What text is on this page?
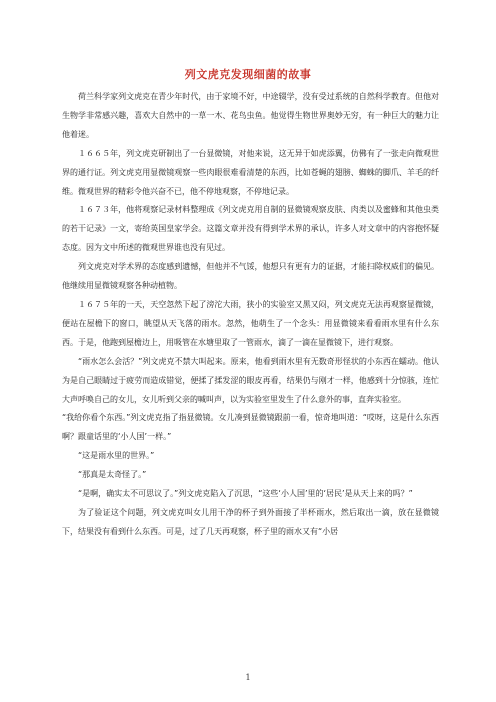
列文虎克发现细菌的故事

荷兰科学家列文虎克在青少年时代，由于家境不好，中途辍学，没有受过系统的自然科学教育。但他对生物学非常感兴趣，喜欢大自然中的一草一木、花鸟虫鱼。他觉得生物世界奥妙无穷，有一种巨大的魅力让他着迷。

１６６５年，列文虎克研制出了一台显微镜，对他来说，这无异于如虎添翼，仿佛有了一张走向微观世界的通行证。列文虎克用显微镜观察一些肉眼很难看清楚的东西，比如苍蝇的翅膀、蜘蛛的脚爪、羊毛的纤维。微观世界的精彩令他兴奋不已，他不停地观察，不停地记录。

１６７３年，他将观察记录材料整理成《列文虎克用自制的显微镜观察皮肤、肉类以及蜜蜂和其他虫类的若干记录》一文，寄给英国皇家学会。这篇文章并没有得到学术界的承认，许多人对文章中的内容抱怀疑态度。因为文中所述的微观世界谁也没有见过。

列文虎克对学术界的态度感到遗憾，但他并不气馁，他想只有更有力的证据，才能扫除权威们的偏见。他继续用显微镜观察各种动植物。

１６７５年的一天，天空忽然下起了滂沱大雨，狭小的实验室又黑又闷，列文虎克无法再观察显微镜，便站在屋檐下的窗口，眺望从天飞落的雨水。忽然，他萌生了一个念头：用显微镜来看看雨水里有什么东西。于是，他跑到屋檐边上，用吸管在水塘里取了一管雨水，滴了一滴在显微镜下，进行观察。

“雨水怎么会活？”列文虎克不禁大叫起来。原来，他看到雨水里有无数奇形怪状的小东西在蠕动。他认为是自己眼睛过于疲劳而造成错觉，便揉了揉发涩的眼皮再看，结果仍与刚才一样，他感到十分惊骇，连忙大声呼唤自己的女儿，女儿听到父亲的喊叫声，以为实验室里发生了什么意外的事，直奔实验室。

“我给你看个东西。”列文虎克指了指显微镜。女儿凑到显微镜跟前一看，惊奇地叫道：“哎呀，这是什么东西啊？跟童话里的‘小人国’一样。”

“这是雨水里的世界。”

“那真是太奇怪了。”

“是啊，确实太不可思议了。”列文虎克陷入了沉思，“这些‘小人国’里的‘居民’是从天上来的吗？”

为了验证这个问题，列文虎克叫女儿用干净的杯子到外面接了半杯雨水，然后取出一滴，放在显微镜下，结果没有看到什么东西。可是，过了几天再观察，杯子里的雨水又有“小居

1
